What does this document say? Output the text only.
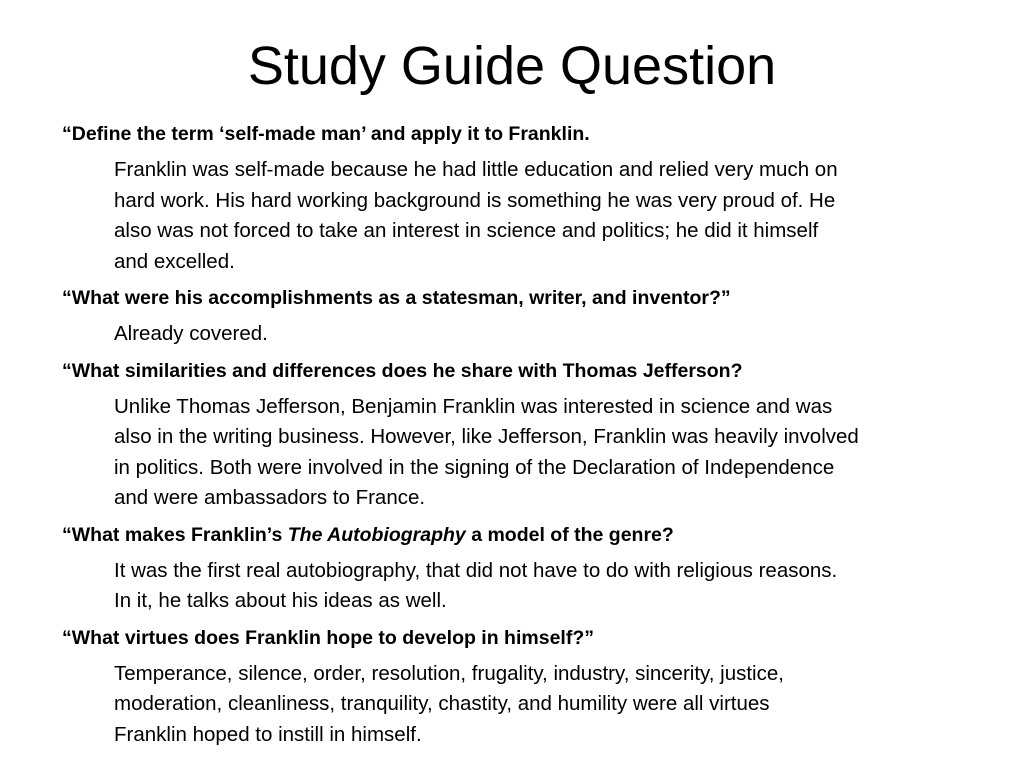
Study Guide Question
“Define the term ‘self-made man’ and apply it to Franklin.
Franklin was self-made because he had little education and relied very much on
hard work. His hard working background is something he was very proud of. He
also was not forced to take an interest in science and politics; he did it himself
and excelled.
“What were his accomplishments as a statesman, writer, and inventor?”
Already covered.
“What similarities and differences does he share with Thomas Jefferson?
Unlike Thomas Jefferson, Benjamin Franklin was interested in science and was
also in the writing business. However, like Jefferson, Franklin was heavily involved
in politics. Both were involved in the signing of the Declaration of Independence
and were ambassadors to France.
“What makes Franklin’s The Autobiography a model of the genre?
It was the first real autobiography, that did not have to do with religious reasons.
In it, he talks about his ideas as well.
“What virtues does Franklin hope to develop in himself?”
Temperance, silence, order, resolution, frugality, industry, sincerity, justice,
moderation, cleanliness, tranquility, chastity, and humility were all virtues
Franklin hoped to instill in himself.
